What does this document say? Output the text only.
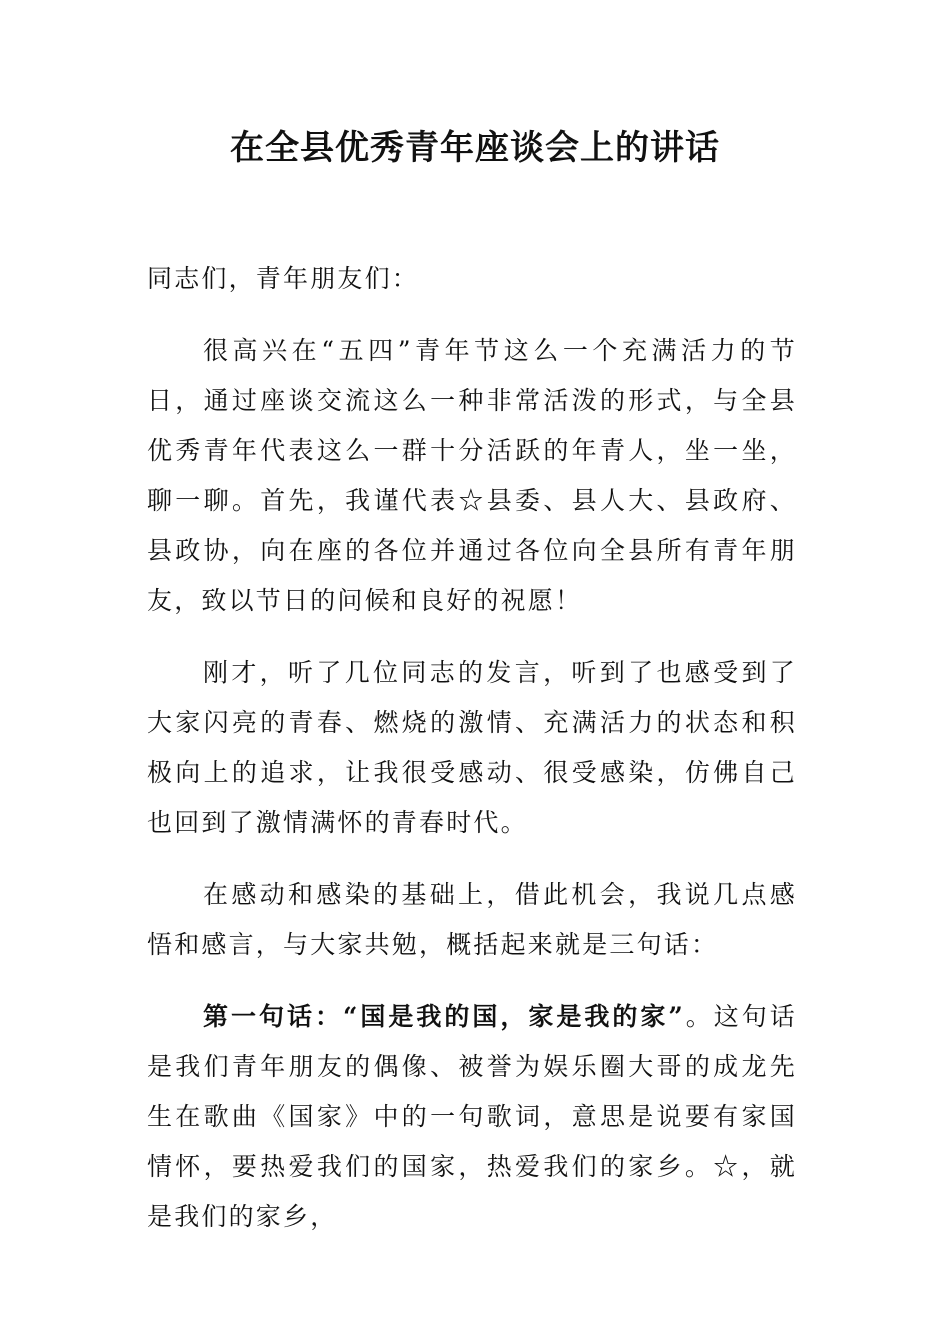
在全县优秀青年座谈会上的讲话

同志们，青年朋友们：

很高兴在“五四”青年节这么一个充满活力的节日，通过座谈交流这么一种非常活泼的形式，与全县优秀青年代表这么一群十分活跃的年青人，坐一坐，聊一聊。首先，我谨代表☆县委、县人大、县政府、县政协，向在座的各位并通过各位向全县所有青年朋友，致以节日的问候和良好的祝愿！

刚才，听了几位同志的发言，听到了也感受到了大家闪亮的青春、燃烧的激情、充满活力的状态和积极向上的追求，让我很受感动、很受感染，仿佛自己也回到了激情满怀的青春时代。

在感动和感染的基础上，借此机会，我说几点感悟和感言，与大家共勉，概括起来就是三句话：

第一句话：“国是我的国，家是我的家”。这句话是我们青年朋友的偶像、被誉为娱乐圈大哥的成龙先生在歌曲《国家》中的一句歌词，意思是说要有家国情怀，要热爱我们的国家，热爱我们的家乡。☆，就是我们的家乡，
